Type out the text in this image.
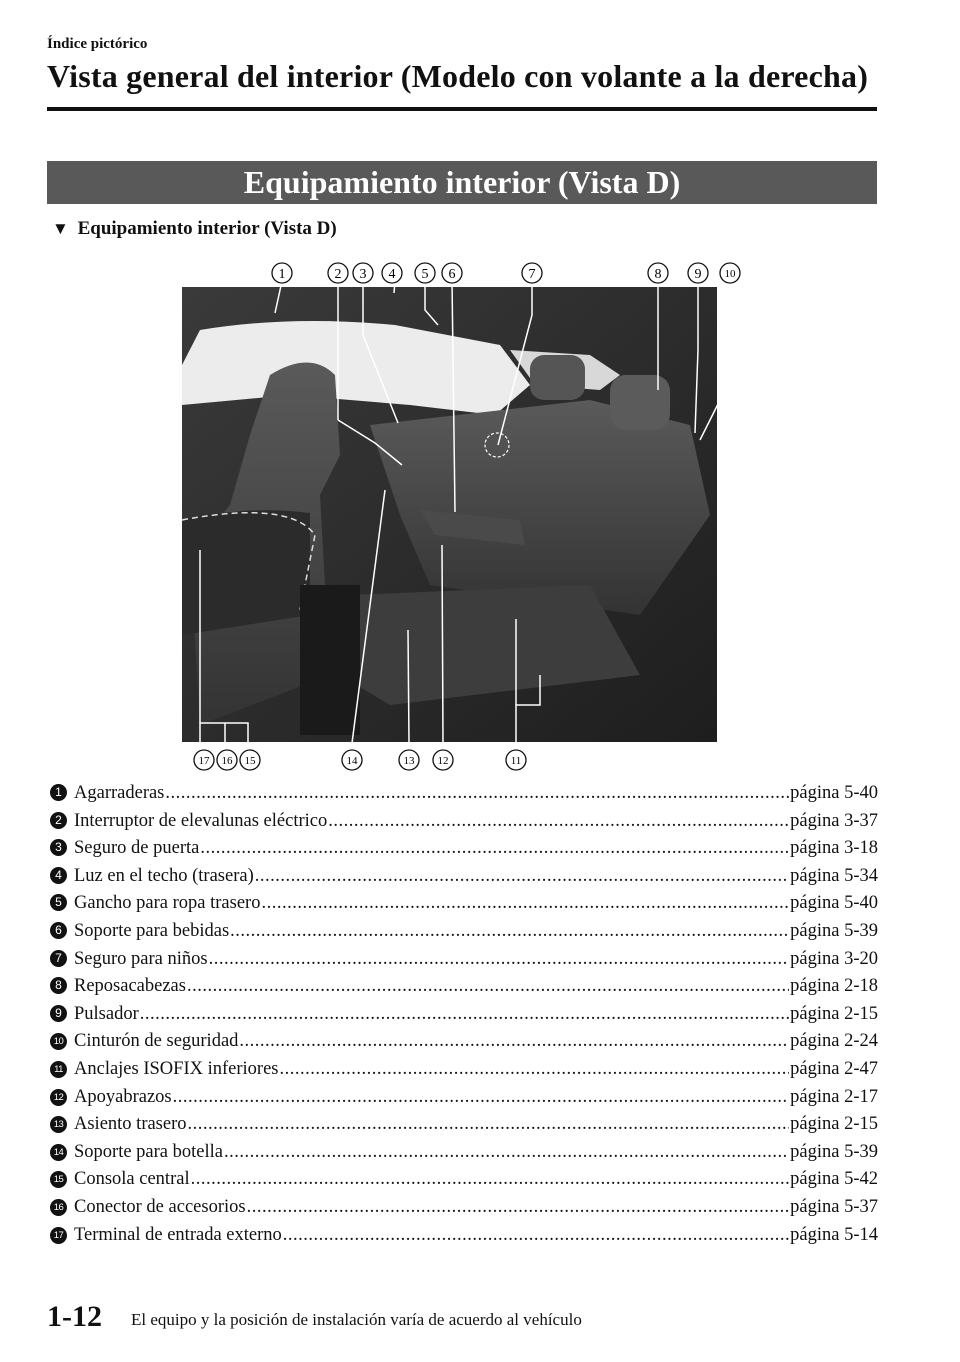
Índice pictórico
Vista general del interior (Modelo con volante a la derecha)
Equipamiento interior (Vista D)
▼ Equipamiento interior (Vista D)
1	2 3 4 5 6	7	8 9 10
11
12
13
14
15
16
17
1 Agarraderas .....	página 5-40
2 Interruptor de elevalunas eléctrico .....	página 3-37
3 Seguro de puerta .....	página 3-18
4 Luz en el techo (trasera) .....	página 5-34
5 Gancho para ropa trasero .....	página 5-40
6 Soporte para bebidas .....	página 5-39
7 Seguro para niños .....	página 3-20
8 Reposacabezas .....	página 2-18
9 Pulsador .....	página 2-15
10 Cinturón de seguridad .....	página 2-24
11 Anclajes ISOFIX inferiores .....	página 2-47
12 Apoyabrazos .....	página 2-17
13 Asiento trasero .....	página 2-15
14 Soporte para botella .....	página 5-39
15 Consola central .....	página 5-42
16 Conector de accesorios .....	página 5-37
17 Terminal de entrada externo .....	página 5-14
1-12 El equipo y la posición de instalación varía de acuerdo al vehículo
